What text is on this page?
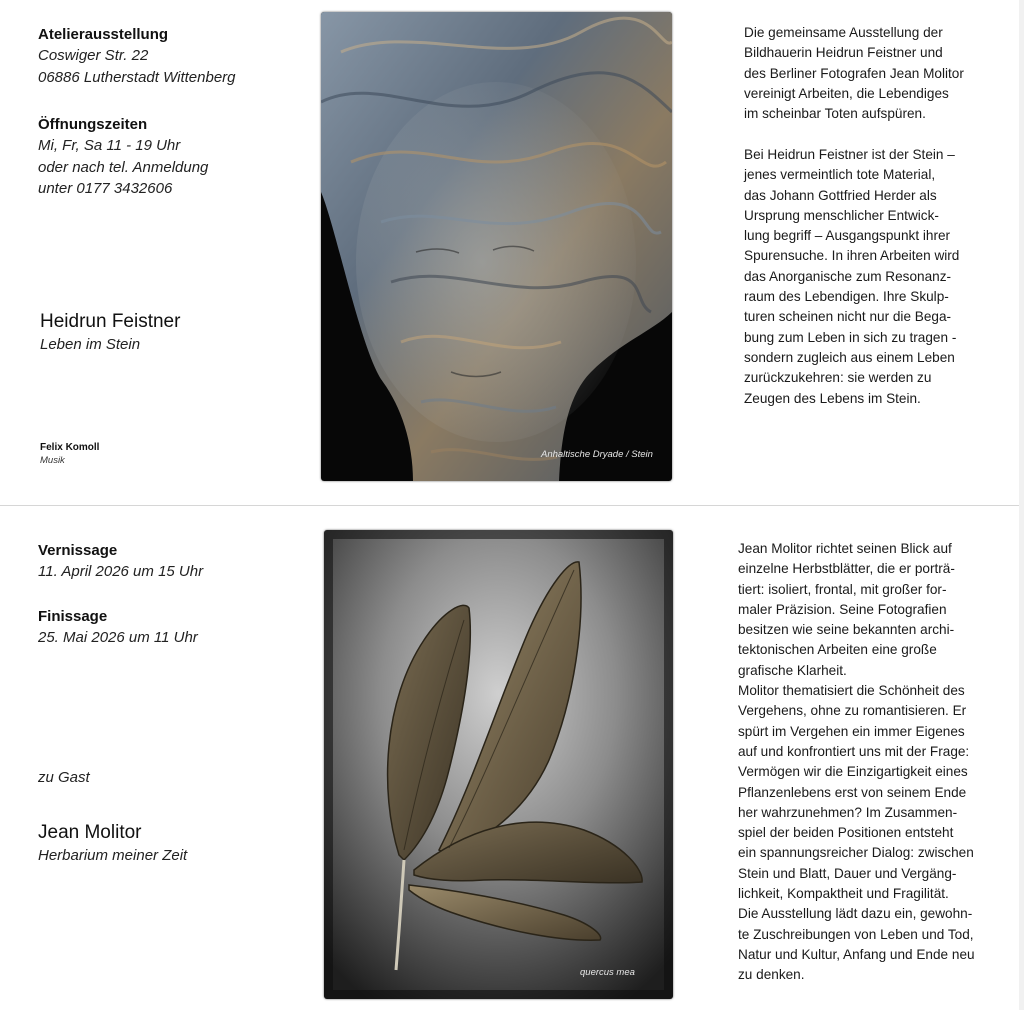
Atelierausstellung
Coswiger Str. 22
06886 Lutherstadt Wittenberg
Öffnungszeiten
Mi, Fr, Sa 11 - 19 Uhr
oder nach tel. Anmeldung
unter 0177 3432606
Heidrun Feistner
Leben im Stein
Felix Komoll
Musik
Anhaltische Dryade / Stein
Die gemeinsame Ausstellung der
Bildhauerin Heidrun Feistner und
des Berliner Fotografen Jean Molitor
vereinigt Arbeiten, die Lebendiges
im scheinbar Toten aufspüren.
Bei Heidrun Feistner ist der Stein –
jenes vermeintlich tote Material,
das Johann Gottfried Herder als
Ursprung menschlicher Entwick-
lung begriff – Ausgangspunkt ihrer
Spurensuche. In ihren Arbeiten wird
das Anorganische zum Resonanz-
raum des Lebendigen. Ihre Skulp-
turen scheinen nicht nur die Bega-
bung zum Leben in sich zu tragen -
sondern zugleich aus einem Leben
zurückzukehren: sie werden zu
Zeugen des Lebens im Stein.
Vernissage
11. April 2026 um 15 Uhr
Finissage
25. Mai 2026 um 11 Uhr
zu Gast
Jean Molitor
Herbarium meiner Zeit
quercus mea
Jean Molitor richtet seinen Blick auf
einzelne Herbstblätter, die er porträ-
tiert: isoliert, frontal, mit großer for-
maler Präzision. Seine Fotografien
besitzen wie seine bekannten archi-
tektonischen Arbeiten eine große
grafische Klarheit.
Molitor thematisiert die Schönheit des
Vergehens, ohne zu romantisieren. Er
spürt im Vergehen ein immer Eigenes
auf und konfrontiert uns mit der Frage:
Vermögen wir die Einzigartigkeit eines
Pflanzenlebens erst von seinem Ende
her wahrzunehmen? Im Zusammen-
spiel der beiden Positionen entsteht
ein spannungsreicher Dialog: zwischen
Stein und Blatt, Dauer und Vergäng-
lichkeit, Kompaktheit und Fragilität.
Die Ausstellung lädt dazu ein, gewohn-
te Zuschreibungen von Leben und Tod,
Natur und Kultur, Anfang und Ende neu
zu denken.
